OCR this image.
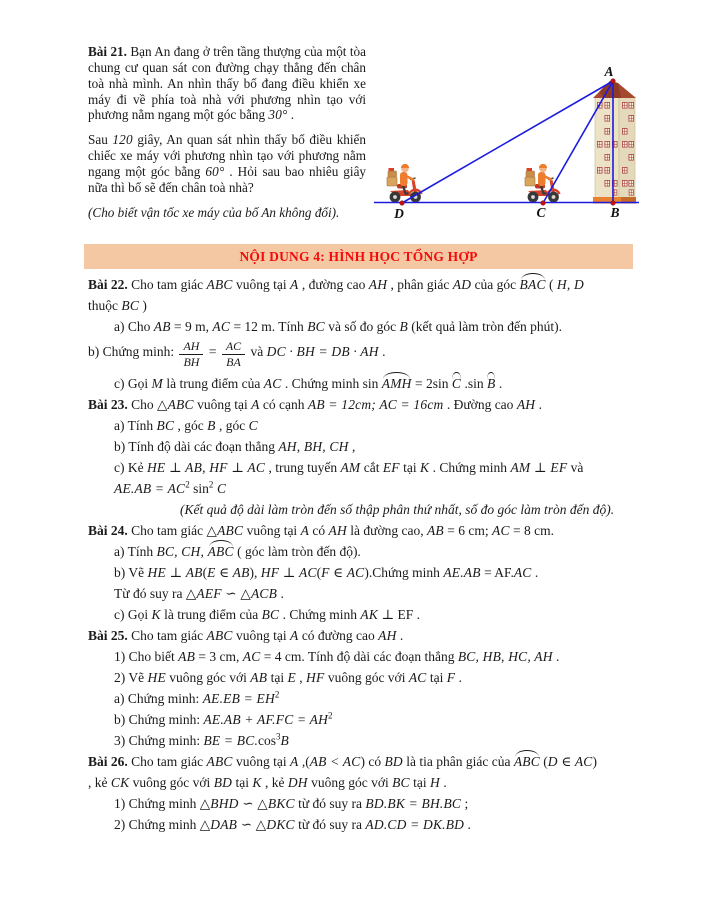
Bài 21. Bạn An đang ở trên tầng thượng của một tòa chung cư quan sát con đường chạy thẳng đến chân toà nhà mình. An nhìn thấy bố đang điều khiển xe máy đi về phía toà nhà với phương nhìn tạo với phương nằm ngang một góc bằng 30° .

Sau 120 giây, An quan sát nhìn thấy bố điều khiển chiếc xe máy với phương nhìn tạo với phương nằm ngang một góc bằng 60° . Hỏi sau bao nhiêu giây nữa thì bố sẽ đến chân toà nhà?

(Cho biết vận tốc xe máy của bố An không đổi).

A
B
C
D
NỘI DUNG 4: HÌNH HỌC TỔNG HỢP
Bài 22. Cho tam giác ABC vuông tại A , đường cao AH , phân giác AD của góc BAC ( H, D
thuộc BC )
a) Cho AB = 9 m, AC = 12 m. Tính BC và số đo góc B (kết quả làm tròn đến phút).
b) Chứng minh: $\frac{AH}{BH} = \frac{AC}{BA}$ và DC · BH = DB · AH .
c) Gọi M là trung điểm của AC . Chứng minh sin AMH = 2sin C .sin B .
Bài 23. Cho △ABC vuông tại A có cạnh AB = 12cm; AC = 16cm . Đường cao AH .
a) Tính BC , góc B , góc C
b) Tính độ dài các đoạn thẳng AH, BH, CH ,
c) Kẻ HE ⊥ AB, HF ⊥ AC , trung tuyến AM cắt EF tại K . Chứng minh AM ⊥ EF và
$AE.AB = AC^2$ $\sin^2 C$
(Kết quả độ dài làm tròn đến số thập phân thứ nhất, số đo góc làm tròn đến độ).
Bài 24. Cho tam giác △ABC vuông tại A có AH là đường cao, AB = 6 cm; AC = 8 cm.
a) Tính BC, CH, ABC ( góc làm tròn đến độ).
b) Vẽ HE ⊥ AB(E ∈ AB), HF ⊥ AC(F ∈ AC).Chứng minh AE.AB = AF.AC .
Từ đó suy ra △AEF ∽ △ACB .
c) Gọi K là trung điểm của BC . Chứng minh AK ⊥ EF .
Bài 25. Cho tam giác ABC vuông tại A có đường cao AH .
1) Cho biết AB = 3 cm, AC = 4 cm. Tính độ dài các đoạn thẳng BC, HB, HC, AH .
2) Vẽ HE vuông góc với AB tại E , HF vuông góc với AC tại F .
a) Chứng minh: $AE.EB = EH^2$
b) Chứng minh: $AE.AB + AF.FC = AH^2$
3) Chứng minh: BE = $BC.\cos^3B$
Bài 26. Cho tam giác ABC vuông tại A ,(AB < AC) có BD là tia phân giác của ABC (D ∈ AC)
, kẻ CK vuông góc với BD tại K , kẻ DH vuông góc với BC tại H .
1) Chứng minh △BHD ∽ △BKC từ đó suy ra BD.BK = BH.BC ;
2) Chứng minh △DAB ∽ △DKC từ đó suy ra AD.CD = DK.BD .
